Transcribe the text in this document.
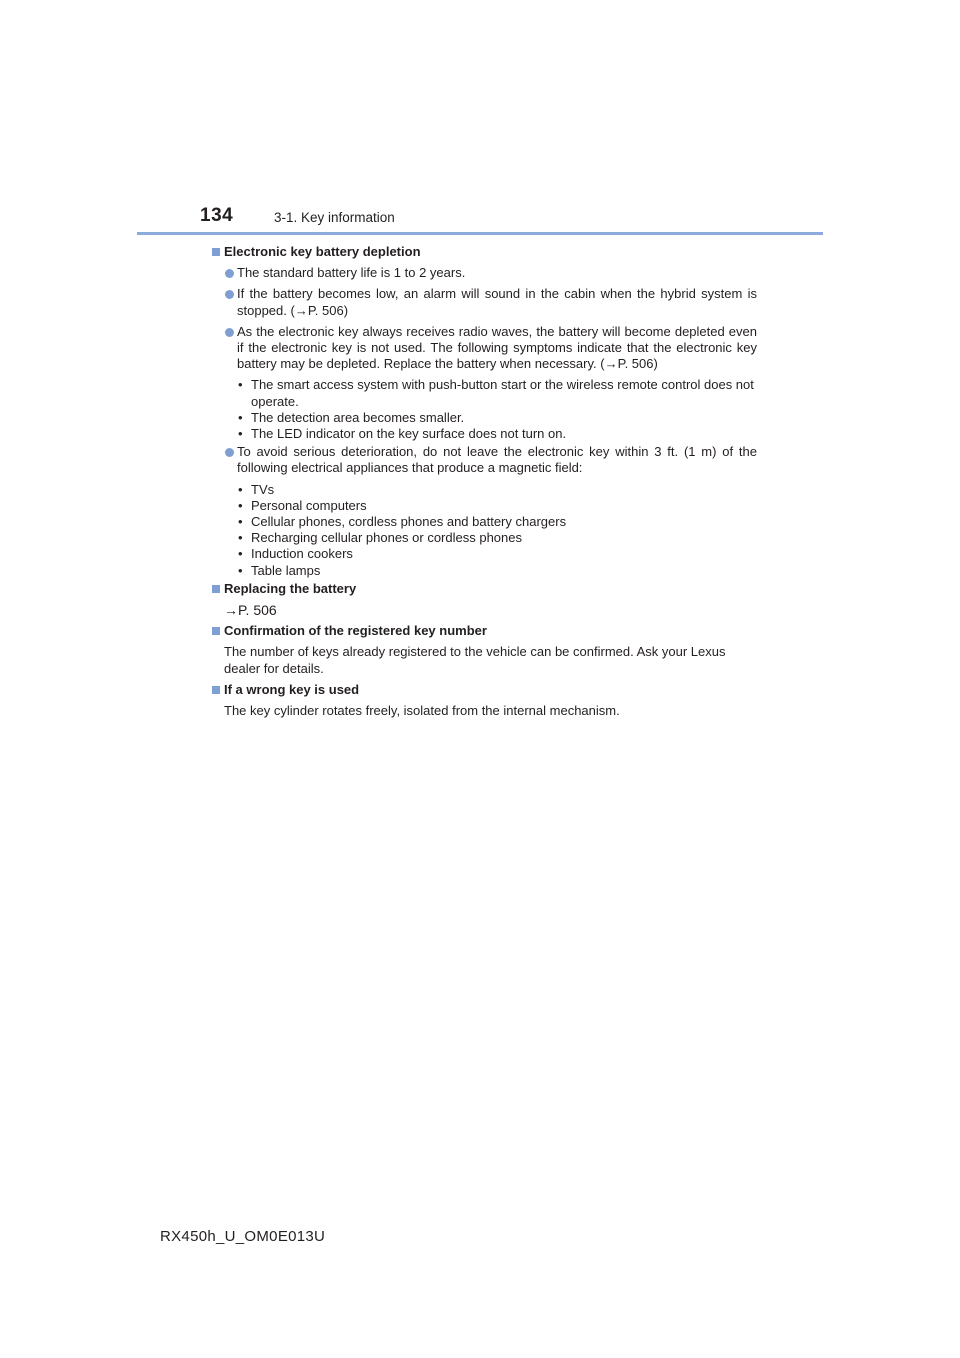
134	3-1. Key information
Electronic key battery depletion
The standard battery life is 1 to 2 years.
If the battery becomes low, an alarm will sound in the cabin when the hybrid system is stopped. (→P. 506)
As the electronic key always receives radio waves, the battery will become depleted even if the electronic key is not used. The following symptoms indicate that the electronic key battery may be depleted. Replace the battery when necessary. (→P. 506)
• The smart access system with push-button start or the wireless remote control does not operate.
• The detection area becomes smaller.
• The LED indicator on the key surface does not turn on.
To avoid serious deterioration, do not leave the electronic key within 3 ft. (1 m) of the following electrical appliances that produce a magnetic field:
• TVs
• Personal computers
• Cellular phones, cordless phones and battery chargers
• Recharging cellular phones or cordless phones
• Induction cookers
• Table lamps
Replacing the battery
→P. 506
Confirmation of the registered key number
The number of keys already registered to the vehicle can be confirmed. Ask your Lexus dealer for details.
If a wrong key is used
The key cylinder rotates freely, isolated from the internal mechanism.
RX450h_U_OM0E013U
